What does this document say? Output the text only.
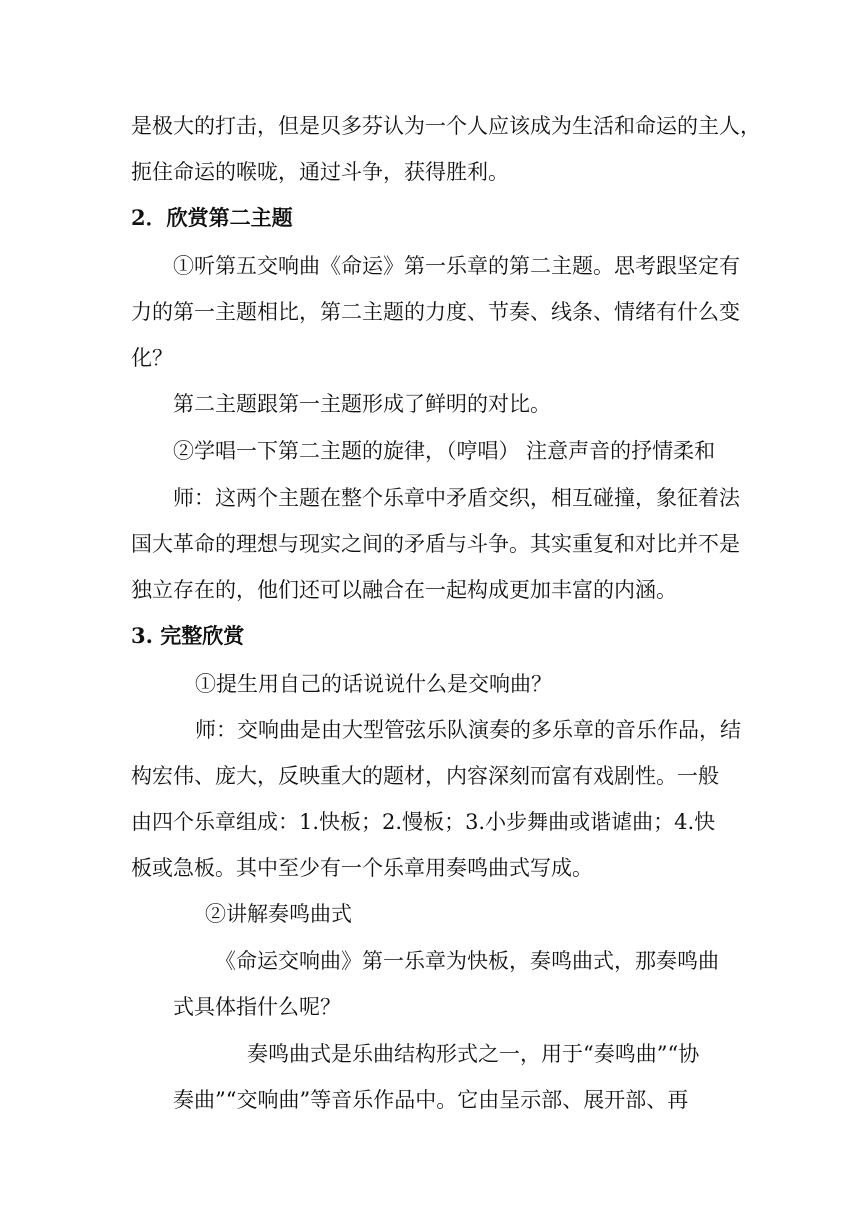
是极大的打击，但是贝多芬认为一个人应该成为生活和命运的主人，

扼住命运的喉咙，通过斗争，获得胜利。

2．欣赏第二主题

①听第五交响曲《命运》第一乐章的第二主题。思考跟坚定有

力的第一主题相比，第二主题的力度、节奏、线条、情绪有什么变

化？

第二主题跟第一主题形成了鲜明的对比。

②学唱一下第二主题的旋律，（哼唱） 注意声音的抒情柔和

师：这两个主题在整个乐章中矛盾交织，相互碰撞，象征着法

国大革命的理想与现实之间的矛盾与斗争。其实重复和对比并不是

独立存在的，他们还可以融合在一起构成更加丰富的内涵。

3. 完整欣赏

①提生用自己的话说说什么是交响曲？

师：交响曲是由大型管弦乐队演奏的多乐章的音乐作品，结

构宏伟、庞大，反映重大的题材，内容深刻而富有戏剧性。一般

由四个乐章组成：1.快板；2.慢板；3.小步舞曲或谐谑曲；4.快

板或急板。其中至少有一个乐章用奏鸣曲式写成。

②讲解奏鸣曲式

《命运交响曲》第一乐章为快板，奏鸣曲式，那奏鸣曲

式具体指什么呢？

奏鸣曲式是乐曲结构形式之一，用于“奏鸣曲”“协

奏曲”“交响曲”等音乐作品中。它由呈示部、展开部、再
